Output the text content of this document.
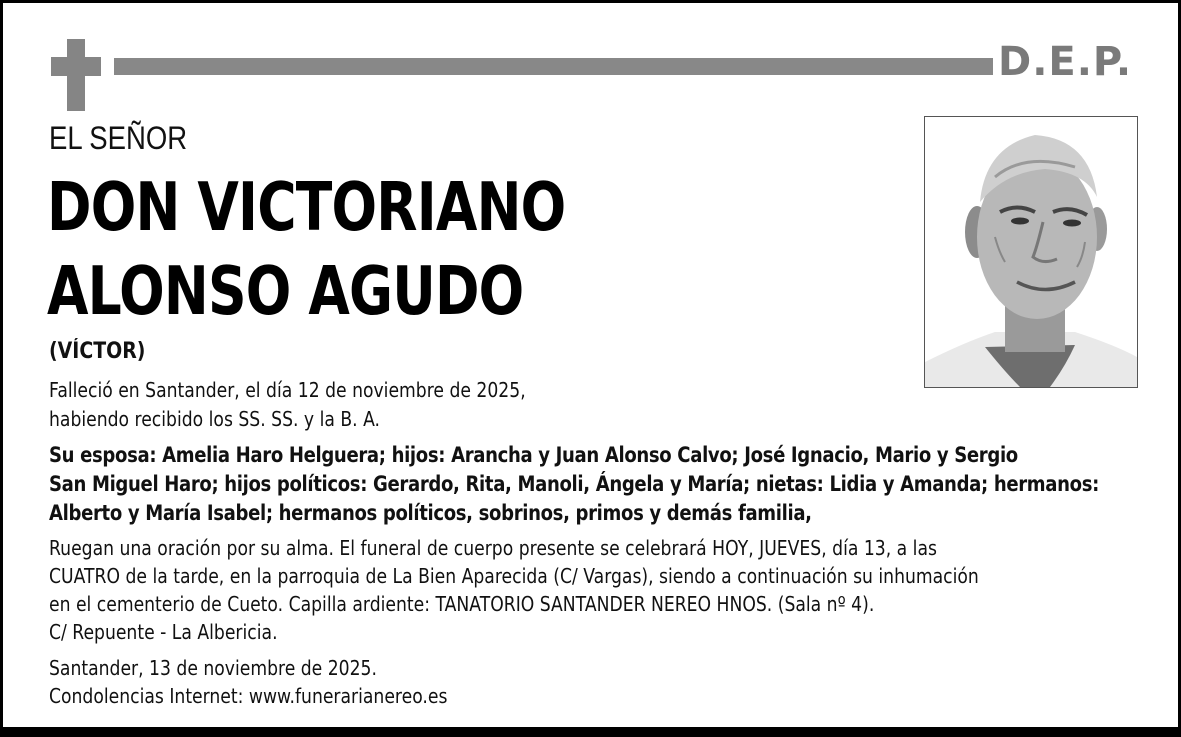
D.E.P.
EL SEÑOR
DON VICTORIANO
ALONSO AGUDO
(VÍCTOR)
Falleció en Santander, el día 12 de noviembre de 2025,
habiendo recibido los SS. SS. y la B. A.
Su esposa: Amelia Haro Helguera; hijos: Arancha y Juan Alonso Calvo; José Ignacio, Mario y Sergio
San Miguel Haro; hijos políticos: Gerardo, Rita, Manoli, Ángela y María; nietas: Lidia y Amanda; hermanos:
Alberto y María Isabel; hermanos políticos, sobrinos, primos y demás familia,
Ruegan una oración por su alma. El funeral de cuerpo presente se celebrará HOY, JUEVES, día 13, a las
CUATRO de la tarde, en la parroquia de La Bien Aparecida (C/ Vargas), siendo a continuación su inhumación
en el cementerio de Cueto. Capilla ardiente: TANATORIO SANTANDER NEREO HNOS. (Sala nº 4).
C/ Repuente - La Albericia.
Santander, 13 de noviembre de 2025.
Condolencias Internet: www.funerarianereo.es
